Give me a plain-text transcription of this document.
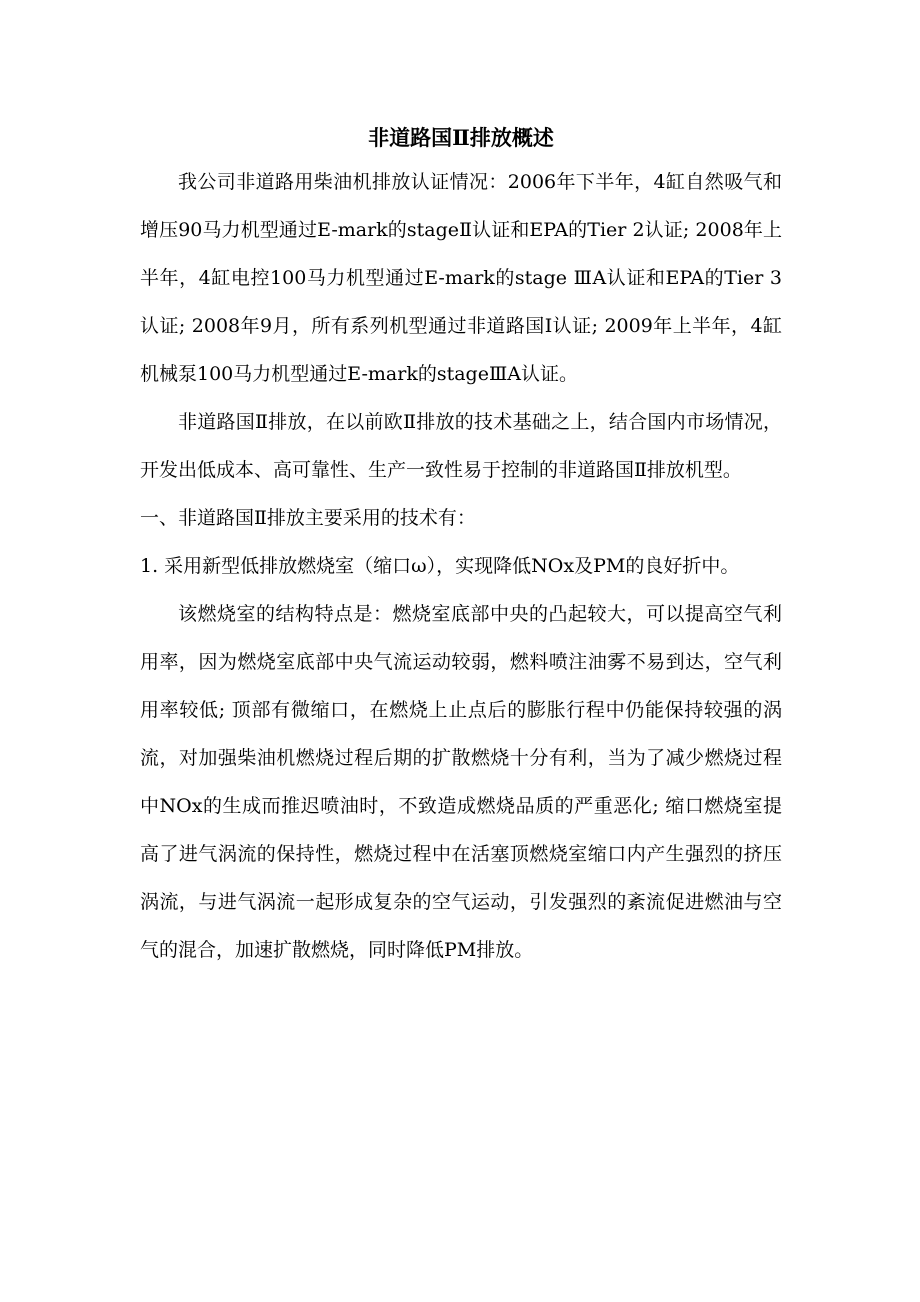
非道路国Ⅱ排放概述

我公司非道路用柴油机排放认证情况：2006年下半年，4缸自然吸气和增压90马力机型通过E-mark的stageⅡ认证和EPA的Tier 2认证; 2008年上半年，4缸电控100马力机型通过E-mark的stage ⅢA认证和EPA的Tier 3认证; 2008年9月，所有系列机型通过非道路国Ⅰ认证; 2009年上半年，4缸机械泵100马力机型通过E-mark的stageⅢA认证。

非道路国Ⅱ排放，在以前欧Ⅱ排放的技术基础之上，结合国内市场情况，开发出低成本、高可靠性、生产一致性易于控制的非道路国Ⅱ排放机型。

一、非道路国Ⅱ排放主要采用的技术有：

1. 采用新型低排放燃烧室（缩口ω），实现降低NOx及PM的良好折中。

该燃烧室的结构特点是：燃烧室底部中央的凸起较大，可以提高空气利用率，因为燃烧室底部中央气流运动较弱，燃料喷注油雾不易到达，空气利用率较低; 顶部有微缩口，在燃烧上止点后的膨胀行程中仍能保持较强的涡流，对加强柴油机燃烧过程后期的扩散燃烧十分有利，当为了减少燃烧过程中NOx的生成而推迟喷油时，不致造成燃烧品质的严重恶化; 缩口燃烧室提高了进气涡流的保持性，燃烧过程中在活塞顶燃烧室缩口内产生强烈的挤压涡流，与进气涡流一起形成复杂的空气运动，引发强烈的紊流促进燃油与空气的混合，加速扩散燃烧，同时降低PM排放。
